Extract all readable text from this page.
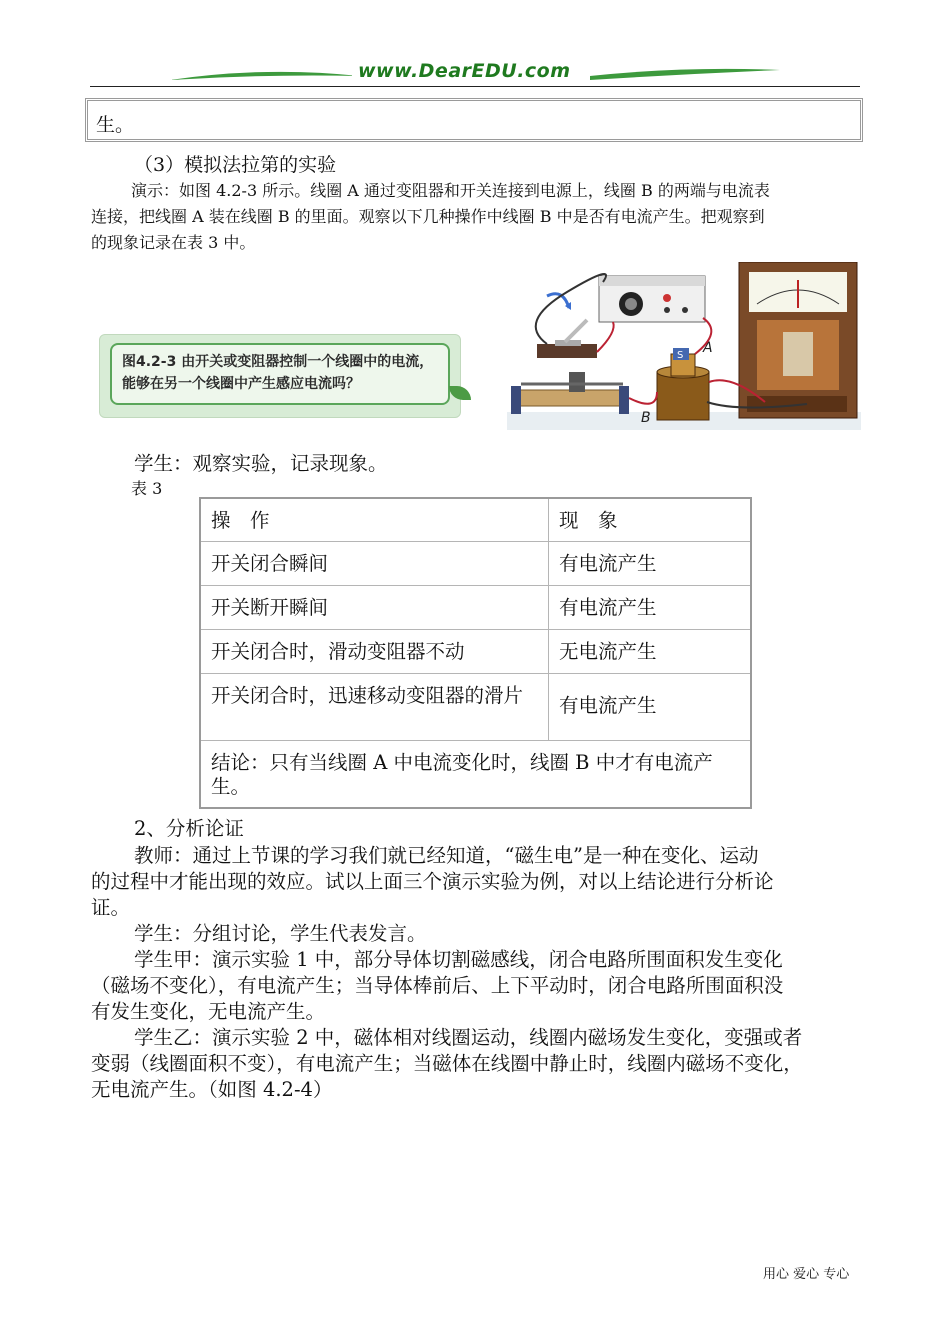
www.DearEDU.com
生。
（3）模拟法拉第的实验
演示：如图 4.2-3 所示。线圈 A 通过变阻器和开关连接到电源上，线圈 B 的两端与电流表
连接，把线圈 A 装在线圈 B 的里面。观察以下几种操作中线圈 B 中是否有电流产生。把观察到
的现象记录在表 3 中。
图4.2-3 由开关或变阻器控制一个线圈中的电流，能够在另一个线圈中产生感应电流吗？
S A
B
学生：观察实验，记录现象。
表 3
操　作	现　象
开关闭合瞬间	有电流产生
开关断开瞬间	有电流产生
开关闭合时，滑动变阻器不动	无电流产生
开关闭合时，迅速移动变阻器的滑片	有电流产生
结论：只有当线圈 A 中电流变化时，线圈 B 中才有电流产生。
2、分析论证
教师：通过上节课的学习我们就已经知道，“磁生电”是一种在变化、运动
的过程中才能出现的效应。试以上面三个演示实验为例，对以上结论进行分析论
证。
学生：分组讨论，学生代表发言。
学生甲：演示实验 1 中，部分导体切割磁感线，闭合电路所围面积发生变化
（磁场不变化），有电流产生；当导体棒前后、上下平动时，闭合电路所围面积没
有发生变化，无电流产生。
学生乙：演示实验 2 中，磁体相对线圈运动，线圈内磁场发生变化，变强或者
变弱（线圈面积不变），有电流产生；当磁体在线圈中静止时，线圈内磁场不变化，
无电流产生。（如图 4.2-4）
用心 爱心 专心
